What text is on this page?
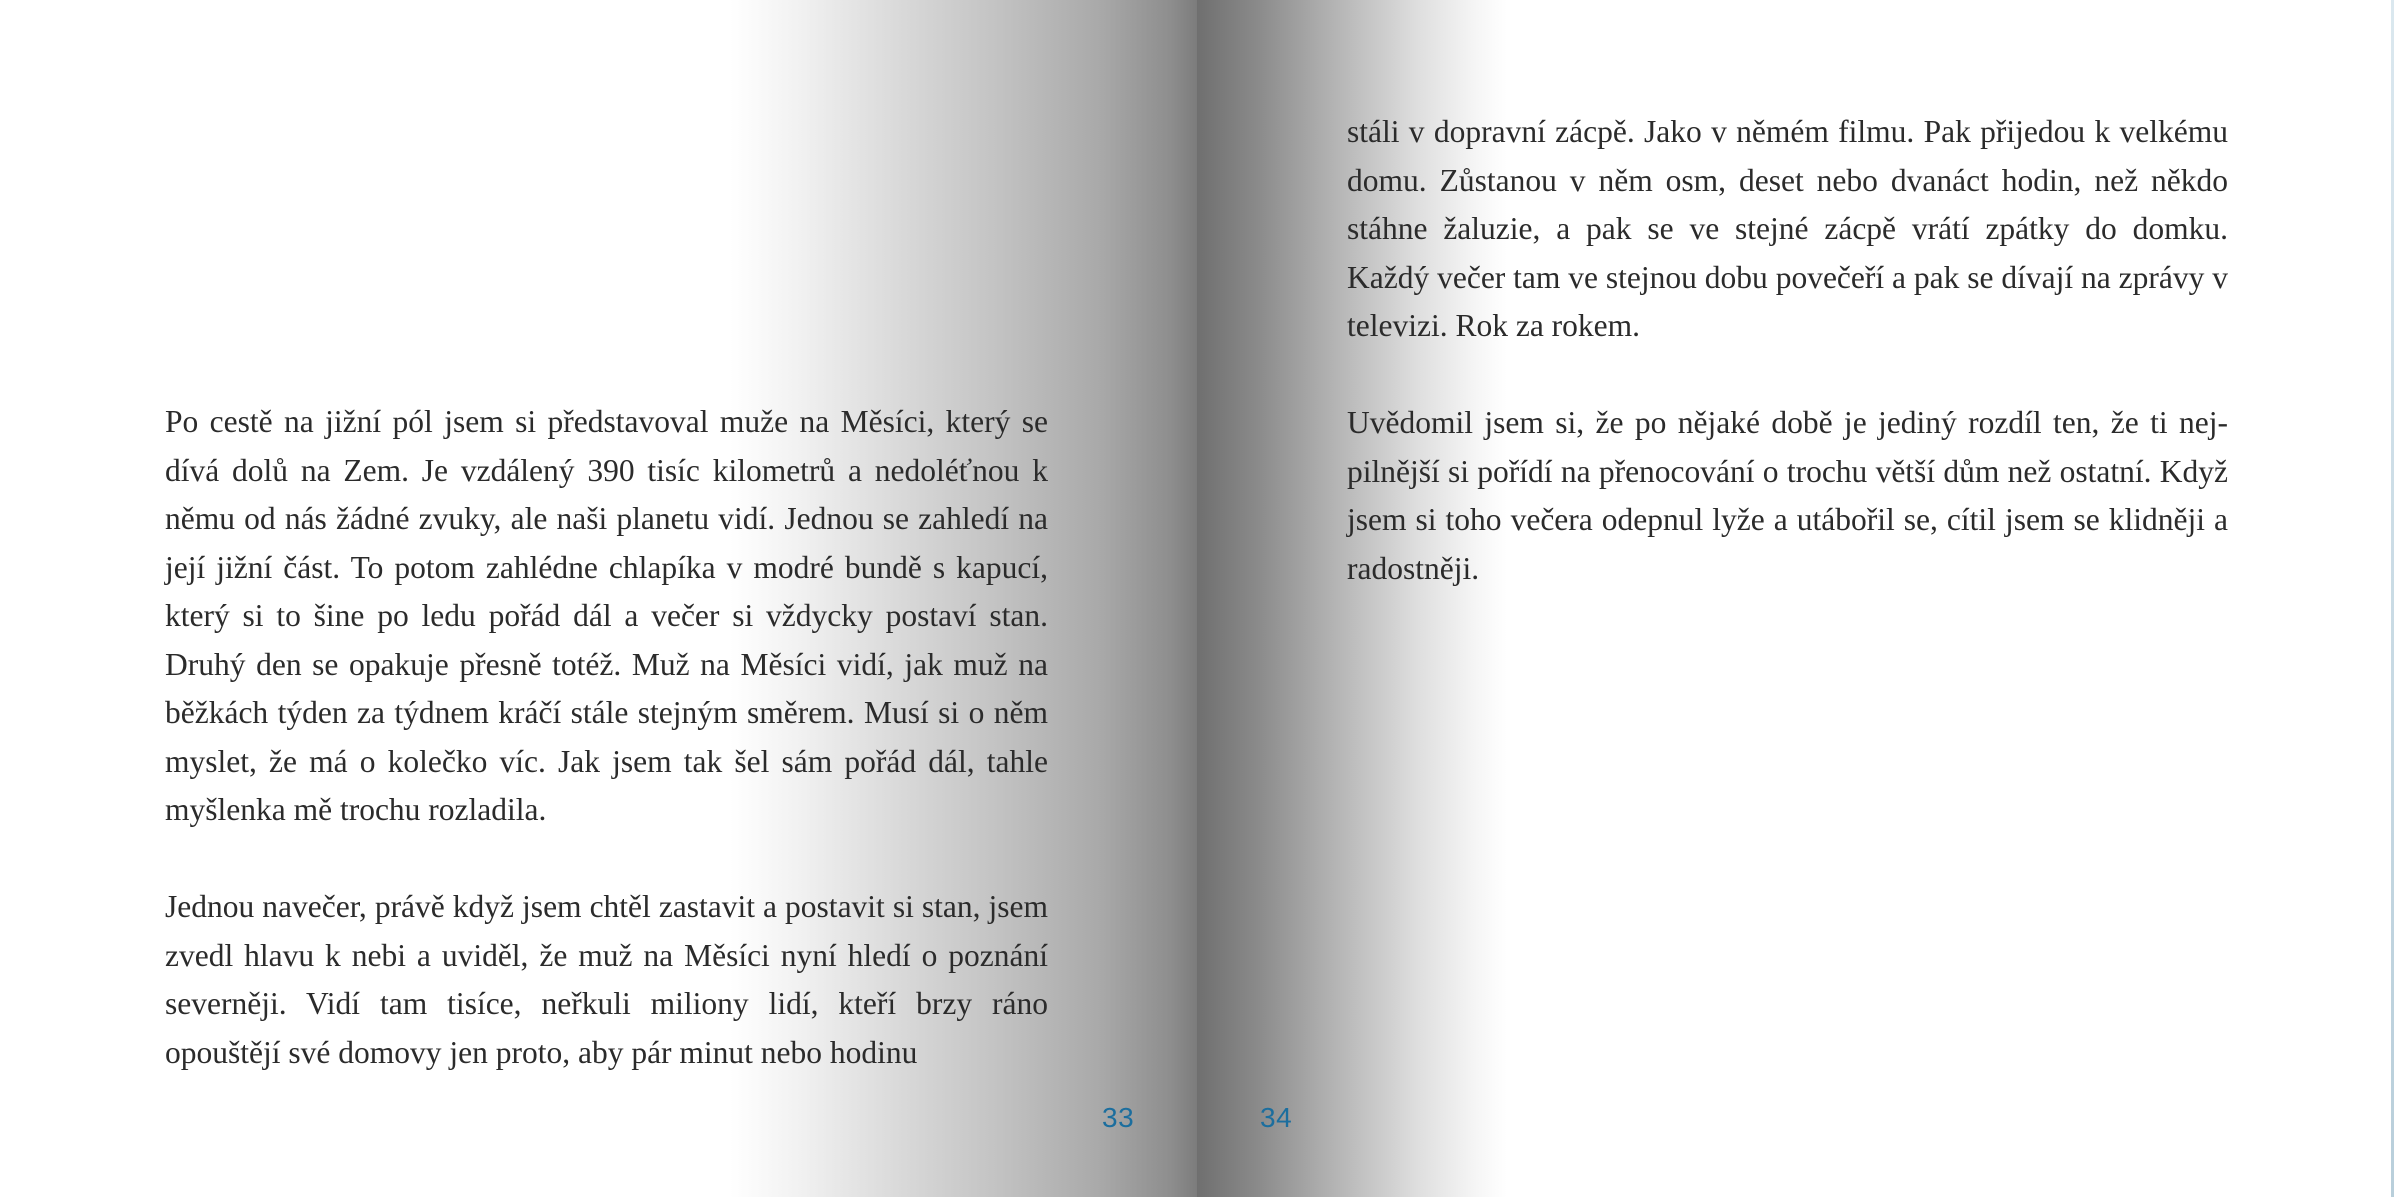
Po cestě na jižní pól jsem si představoval muže na Měsíci, který se dívá dolů na Zem. Je vzdálený 390 tisíc kilometrů a nedoléťnou k němu od nás žádné zvuky, ale naši planetu vidí. Jednou se zahledí na její jižní část. To potom zahlédne chlapíka v modré bundě s kapucí, který si to šine po ledu pořád dál a večer si vždycky postaví stan. Druhý den se opakuje přesně totéž. Muž na Měsíci vidí, jak muž na běžkách týden za týdnem kráčí stále stejným směrem. Musí si o něm myslet, že má o kolečko víc. Jak jsem tak šel sám pořád dál, tahle myšlenka mě trochu rozladila.

Jednou navečer, právě když jsem chtěl zastavit a postavit si stan, jsem zvedl hlavu k nebi a uviděl, že muž na Měsíci nyní hledí o poznání severněji. Vidí tam tisíce, neřkuli miliony lidí, kteří brzy ráno opouštějí své domovy jen proto, aby pár minut nebo hodinu

33

stáli v dopravní zácpě. Jako v němém filmu. Pak přijedou k velkému domu. Zůstanou v něm osm, deset nebo dvanáct hodin, než někdo stáhne žaluzie, a pak se ve stejné zácpě vrátí zpátky do domku. Každý večer tam ve stejnou dobu povečeří a pak se dívají na zprávy v televizi. Rok za rokem.

Uvědomil jsem si, že po nějaké době je jediný rozdíl ten, že ti nejpilnější si pořídí na přenocování o trochu větší dům než ostatní. Když jsem si toho večera odepnul lyže a utábořil se, cítil jsem se klidněji a radostněji.

34
